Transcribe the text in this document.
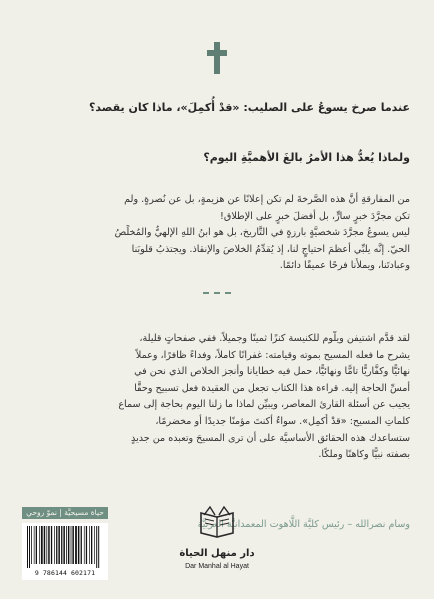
عندما صرخ يسوعُ على الصليب: «قدْ أُكمِلَ»، ماذا كان يقصد؟
ولماذا يُعدُّ هذا الأمرُ بالغَ الأهميَّةِ اليوم؟
من المفارقةِ أنَّ هذه الصَّرخةَ لم تكن إعلانًا عن هزيمةٍ، بل عن نُصرةٍ. ولم
تكن مجرَّدَ خبرٍ سارٍّ، بل أفضلَ خبرٍ على الإطلاق!
ليس يسوعُ مجرَّدَ شخصيَّةٍ بارزةٍ في التَّاريخ، بل هو ابنُ اللهِ الإلهيُّ والمُخلِّصُ
الحيّ. إنَّه يلبِّي أعظمَ احتياجٍ لنا، إذ يُقدِّمُ الخلاصَ والإنقاذ. ويجتذبُ قلوبَنا
وعبادتَنا، ويملأُنا فرحًا عميقًا دائمًا.
لقد قدَّم اشتيفن ويلُّوم للكنيسة كنزًا ثمينًا وجميلاً. ففي صفحاتٍ قليلة،
يشرح ما فعله المسيح بموته وقيامته: غفرانًا كاملاً، وفداءً ظافرًا، وعملاً
نهائيًّا وكفَّاريًّا تامًّا ونهائيًّا، حمل فيه خطايانا وأنجز الخلاص الذي نحن في
أمسِّ الحاجة إليه. قراءة هذا الكتاب تجعل من العقيدة فعل تسبيح وحقًّا
يجيب عن أسئلة القارئ المعاصر، ويبيِّن لماذا ما زلنا اليوم بحاجة إلى سماع
كلماتِ المسيح: «قدْ أُكمِل». سواءٌ أكنتَ مؤمنًا جديدًا أو مخضرمًا،
ستساعدك هذه الحقائق الأساسيَّة على أن ترى المسيحَ وتعبده من جديدٍ
بصفته نبيًّا وكاهنًا وملكًا.
وسام نصرالله – رئيس كليَّة اللَّاهوت المعمدانيَّة العربيَّة
حياة مسيحيَّة | نموّ روحي
9 786144 602171
دار منهل الحياة
Dar Manhal al Hayat
